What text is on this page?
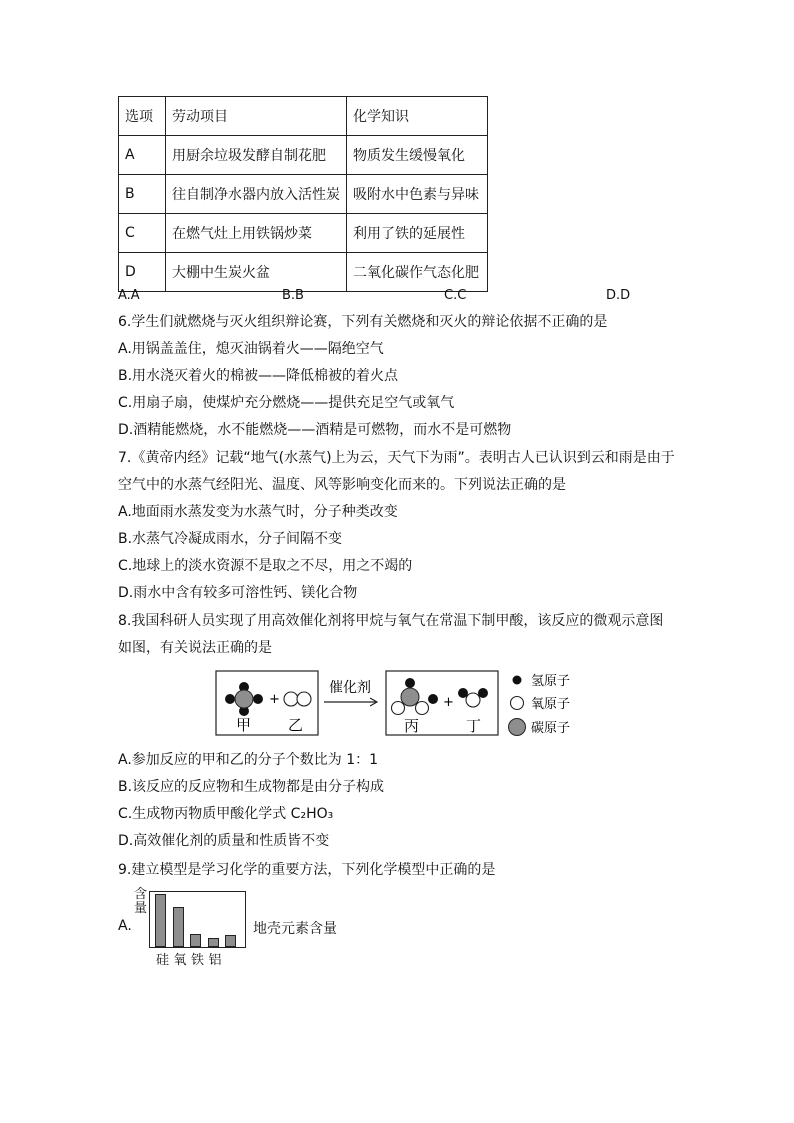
选项	劳动项目	化学知识
A	用厨余垃圾发酵自制花肥	物质发生缓慢氧化
B	往自制净水器内放入活性炭	吸附水中色素与异味
C	在燃气灶上用铁锅炒菜	利用了铁的延展性
D	大棚中生炭火盆	二氧化碳作气态化肥
A.A	B.B	C.C	D.D
6.学生们就燃烧与灭火组织辩论赛，下列有关燃烧和灭火的辩论依据不正确的是
A.用锅盖盖住，熄灭油锅着火——隔绝空气
B.用水浇灭着火的棉被——降低棉被的着火点
C.用扇子扇，使煤炉充分燃烧——提供充足空气或氧气
D.酒精能燃烧，水不能燃烧——酒精是可燃物，而水不是可燃物
7.《黄帝内经》记载“地气(水蒸气)上为云，天气下为雨”。表明古人已认识到云和雨是由于
空气中的水蒸气经阳光、温度、风等影响变化而来的。下列说法正确的是
A.地面雨水蒸发变为水蒸气时，分子种类改变
B.水蒸气冷凝成雨水，分子间隔不变
C.地球上的淡水资源不是取之不尽，用之不竭的
D.雨水中含有较多可溶性钙、镁化合物
8.我国科研人员实现了用高效催化剂将甲烷与氧气在常温下制甲酸，该反应的微观示意图
如图，有关说法正确的是
+
甲 乙
催化剂
+
丙	丁
氢原子
氧原子
碳原子
A.参加反应的甲和乙的分子个数比为 1：1
B.该反应的反应物和生成物都是由分子构成
C.生成物丙物质甲酸化学式 C₂HO₃
D.高效催化剂的质量和性质皆不变
9.建立模型是学习化学的重要方法，下列化学模型中正确的是
A.
含量
硅 氧 铁 铝
地壳元素含量
